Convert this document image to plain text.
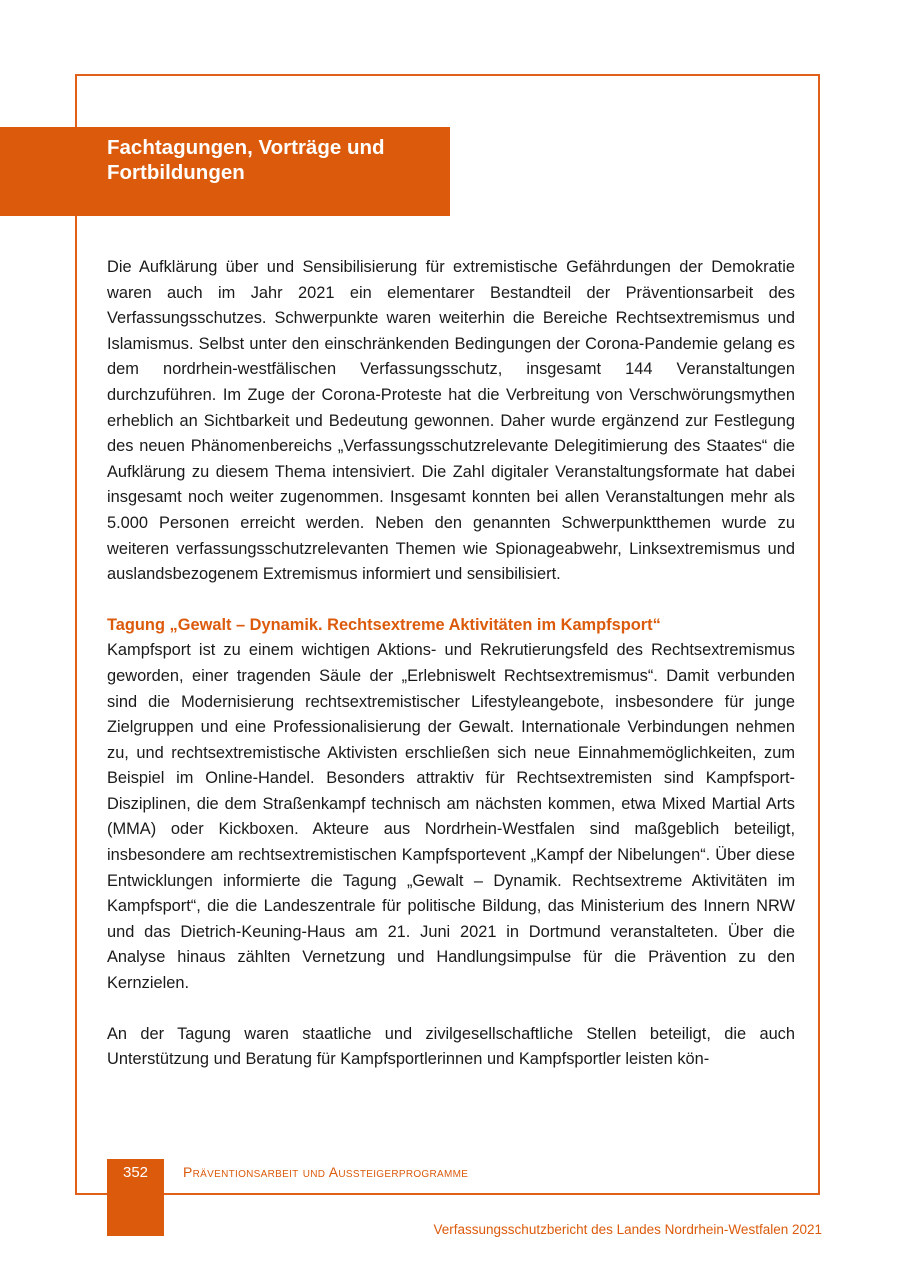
Fachtagungen, Vorträge und Fortbildungen

Die Aufklärung über und Sensibilisierung für extremistische Gefährdungen der Demokratie waren auch im Jahr 2021 ein elementarer Bestandteil der Präventionsarbeit des Verfassungsschutzes. Schwerpunkte waren weiterhin die Bereiche Rechtsextremismus und Islamismus. Selbst unter den einschränkenden Bedingungen der Corona-Pandemie gelang es dem nordrhein-westfälischen Verfassungsschutz, insgesamt 144 Veranstaltungen durchzuführen. Im Zuge der Corona-Proteste hat die Verbreitung von Verschwörungsmythen erheblich an Sichtbarkeit und Bedeutung gewonnen. Daher wurde ergänzend zur Festlegung des neuen Phänomenbereichs „Verfassungsschutzrelevante Delegitimierung des Staates“ die Aufklärung zu diesem Thema intensiviert. Die Zahl digitaler Veranstaltungsformate hat dabei insgesamt noch weiter zugenommen. Insgesamt konnten bei allen Veranstaltungen mehr als 5.000 Personen erreicht werden. Neben den genannten Schwerpunktthemen wurde zu weiteren verfassungsschutzrelevanten Themen wie Spionageabwehr, Linksextremismus und auslandsbezogenem Extremismus informiert und sensibilisiert.

Tagung „Gewalt – Dynamik. Rechtsextreme Aktivitäten im Kampfsport“

Kampfsport ist zu einem wichtigen Aktions- und Rekrutierungsfeld des Rechtsextremismus geworden, einer tragenden Säule der „Erlebniswelt Rechtsextremismus“. Damit verbunden sind die Modernisierung rechtsextremistischer Lifestyleangebote, insbesondere für junge Zielgruppen und eine Professionalisierung der Gewalt. Internationale Verbindungen nehmen zu, und rechtsextremistische Aktivisten erschließen sich neue Einnahmemöglichkeiten, zum Beispiel im Online-Handel. Besonders attraktiv für Rechtsextremisten sind Kampfsport-Disziplinen, die dem Straßenkampf technisch am nächsten kommen, etwa Mixed Martial Arts (MMA) oder Kickboxen. Akteure aus Nordrhein-Westfalen sind maßgeblich beteiligt, insbesondere am rechtsextremistischen Kampfsportevent „Kampf der Nibelungen“. Über diese Entwicklungen informierte die Tagung „Gewalt – Dynamik. Rechtsextreme Aktivitäten im Kampfsport“, die die Landeszentrale für politische Bildung, das Ministerium des Innern NRW und das Dietrich-Keuning-Haus am 21. Juni 2021 in Dortmund veranstalteten. Über die Analyse hinaus zählten Vernetzung und Handlungsimpulse für die Prävention zu den Kernzielen.

An der Tagung waren staatliche und zivilgesellschaftliche Stellen beteiligt, die auch Unterstützung und Beratung für Kampfsportlerinnen und Kampfsportler leisten kön-

352	Präventionsarbeit und Aussteigerprogramme
Verfassungsschutzbericht des Landes Nordrhein-Westfalen 2021
